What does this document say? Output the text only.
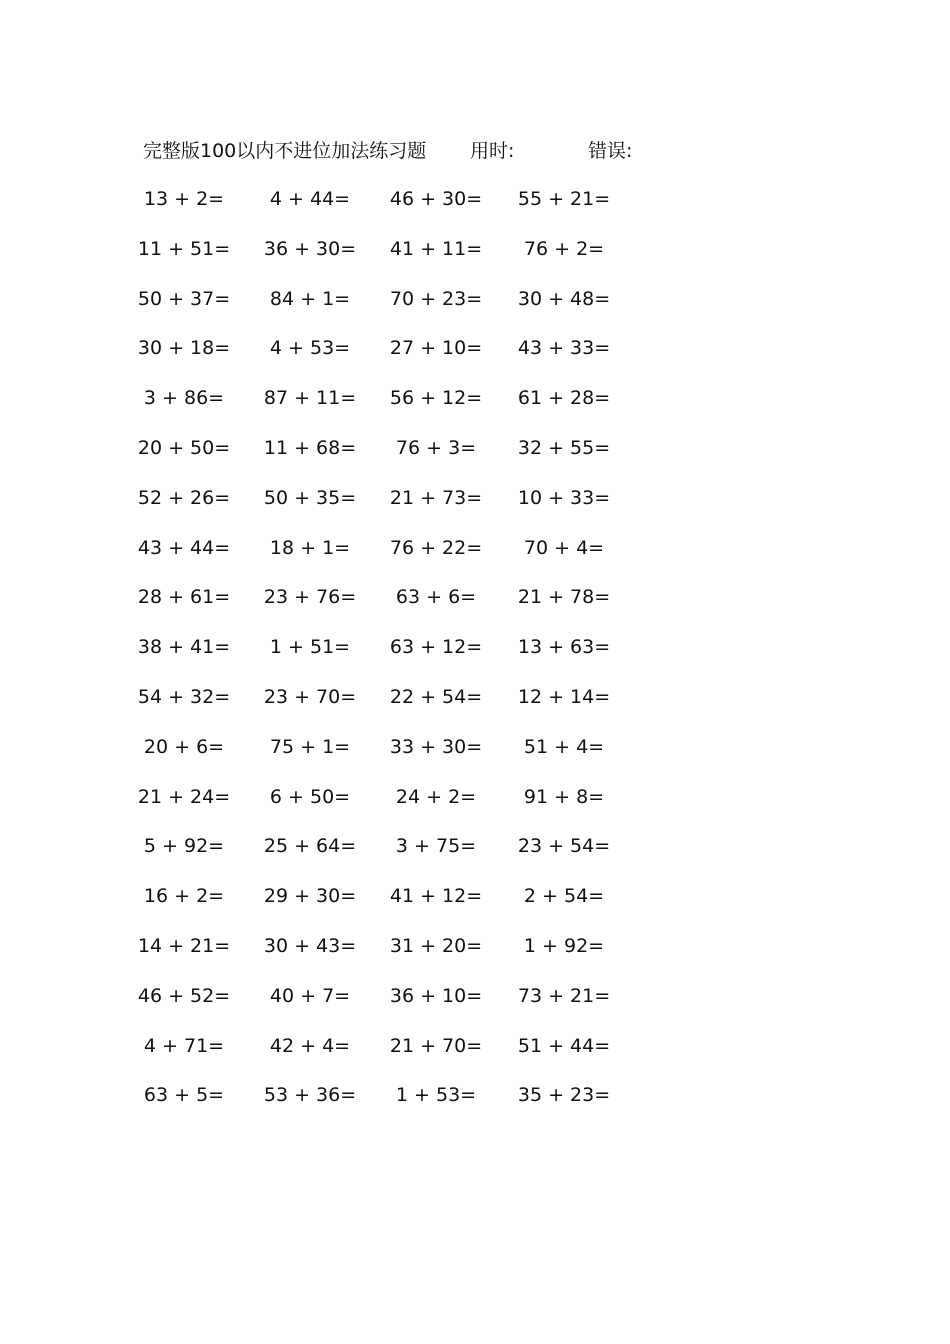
完整版100以内不进位加法练习题 用时:	错误:
13 + 2=	4 + 44=	46 + 30=	55 + 21=
11 + 51=	36 + 30=	41 + 11=	76 + 2=
50 + 37=	84 + 1=	70 + 23=	30 + 48=
30 + 18=	4 + 53=	27 + 10=	43 + 33=
3 + 86=	87 + 11=	56 + 12=	61 + 28=
20 + 50=	11 + 68=	76 + 3=	32 + 55=
52 + 26=	50 + 35=	21 + 73=	10 + 33=
43 + 44=	18 + 1=	76 + 22=	70 + 4=
28 + 61=	23 + 76=	63 + 6=	21 + 78=
38 + 41=	1 + 51=	63 + 12=	13 + 63=
54 + 32=	23 + 70=	22 + 54=	12 + 14=
20 + 6=	75 + 1=	33 + 30=	51 + 4=
21 + 24=	6 + 50=	24 + 2=	91 + 8=
5 + 92=	25 + 64=	3 + 75=	23 + 54=
16 + 2=	29 + 30=	41 + 12=	2 + 54=
14 + 21=	30 + 43=	31 + 20=	1 + 92=
46 + 52=	40 + 7=	36 + 10=	73 + 21=
4 + 71=	42 + 4=	21 + 70=	51 + 44=
63 + 5=	53 + 36=	1 + 53=	35 + 23=
